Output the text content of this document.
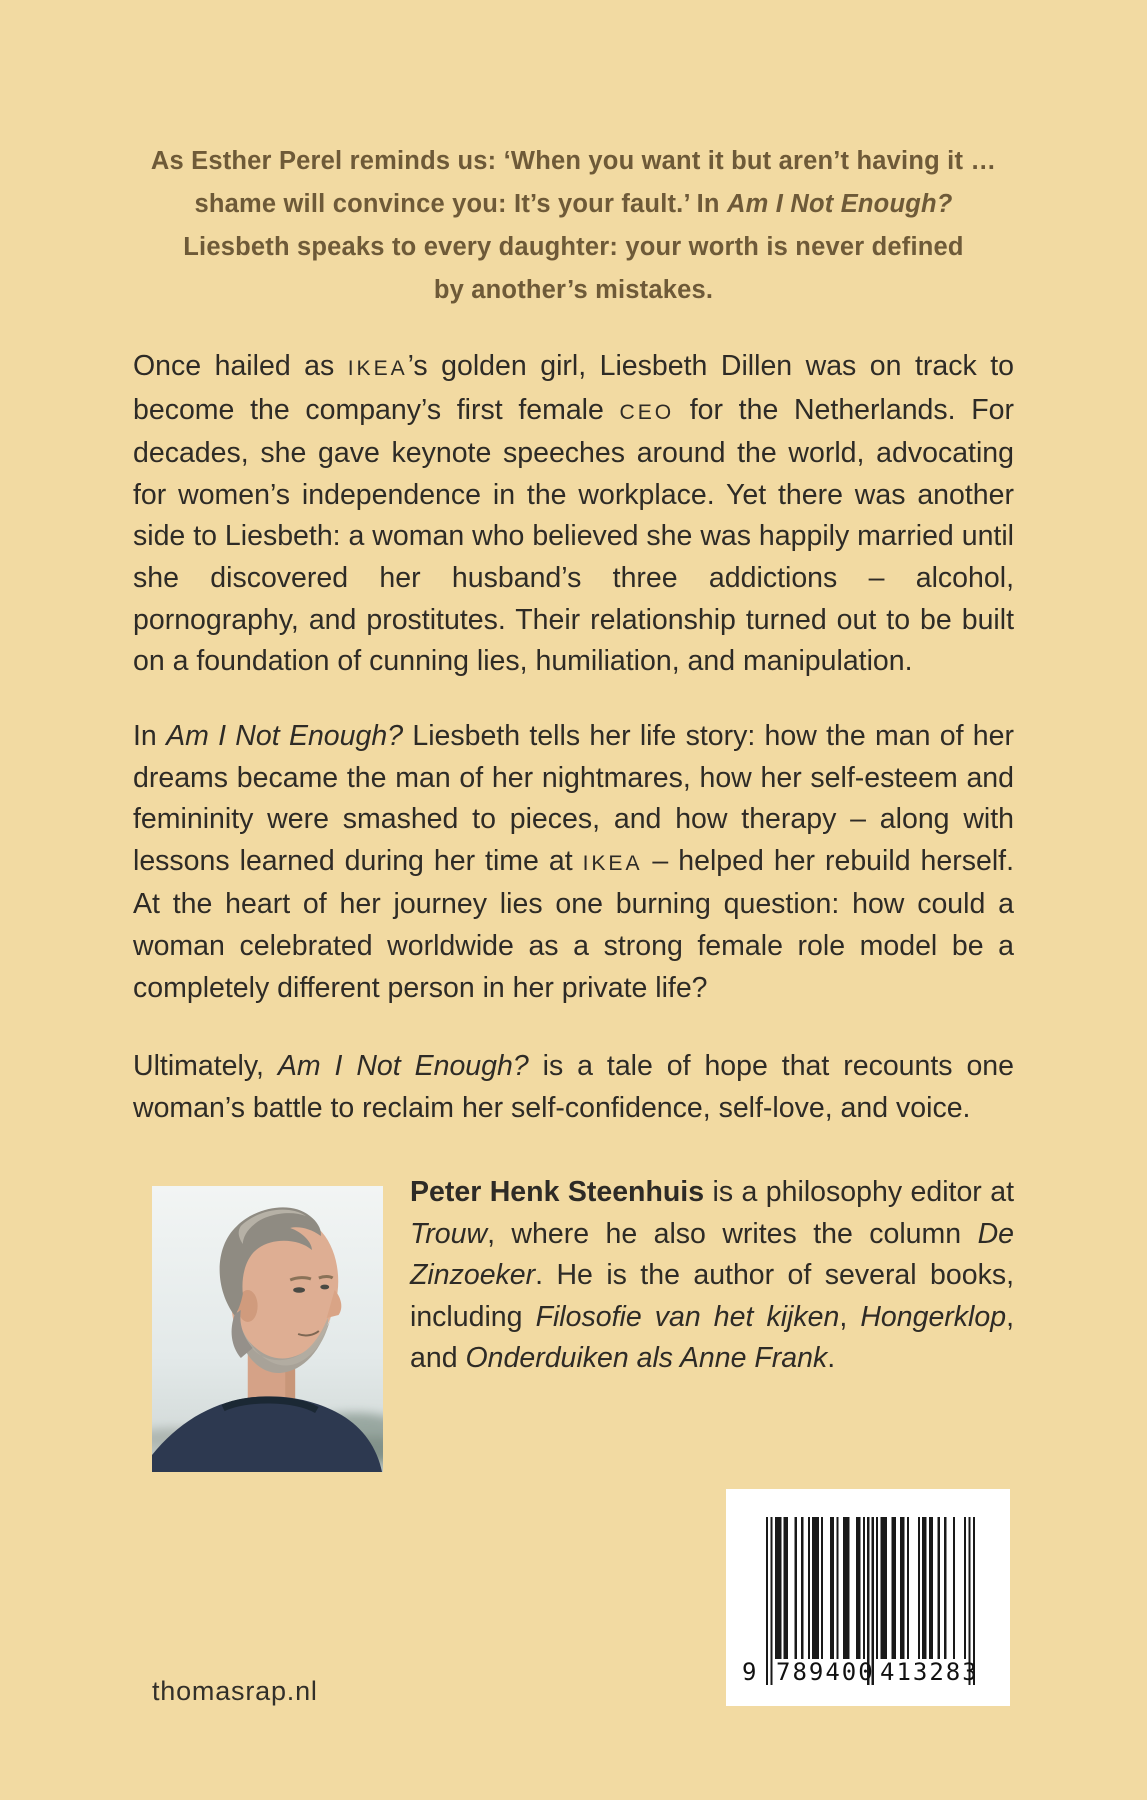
As Esther Perel reminds us: ‘When you want it but aren’t having it …
shame will convince you: It’s your fault.’ In Am I Not Enough?
Liesbeth speaks to every daughter: your worth is never defined
by another’s mistakes.
Once hailed as IKEA’s golden girl, Liesbeth Dillen was on track to become the company’s first female CEO for the Netherlands. For decades, she gave keynote speeches around the world, advocating for women’s independence in the workplace. Yet there was another side to Liesbeth: a woman who believed she was happily married until she discovered her husband’s three addictions – alcohol, pornography, and prostitutes. Their relationship turned out to be built on a foundation of cunning lies, humiliation, and manipulation.
In Am I Not Enough? Liesbeth tells her life story: how the man of her dreams became the man of her nightmares, how her self-esteem and femininity were smashed to pieces, and how therapy – along with lessons learned during her time at IKEA – helped her rebuild herself. At the heart of her journey lies one burning question: how could a woman celebrated worldwide as a strong female role model be a completely different person in her private life?
Ultimately, Am I Not Enough? is a tale of hope that recounts one woman’s battle to reclaim her self-confidence, self-love, and voice.
Peter Henk Steenhuis is a philosophy editor at Trouw, where he also writes the column De Zinzoeker. He is the author of several books, including Filosofie van het kijken, Hongerklop, and Onderduiken als Anne Frank.
9 789400 413283
thomasrap.nl
